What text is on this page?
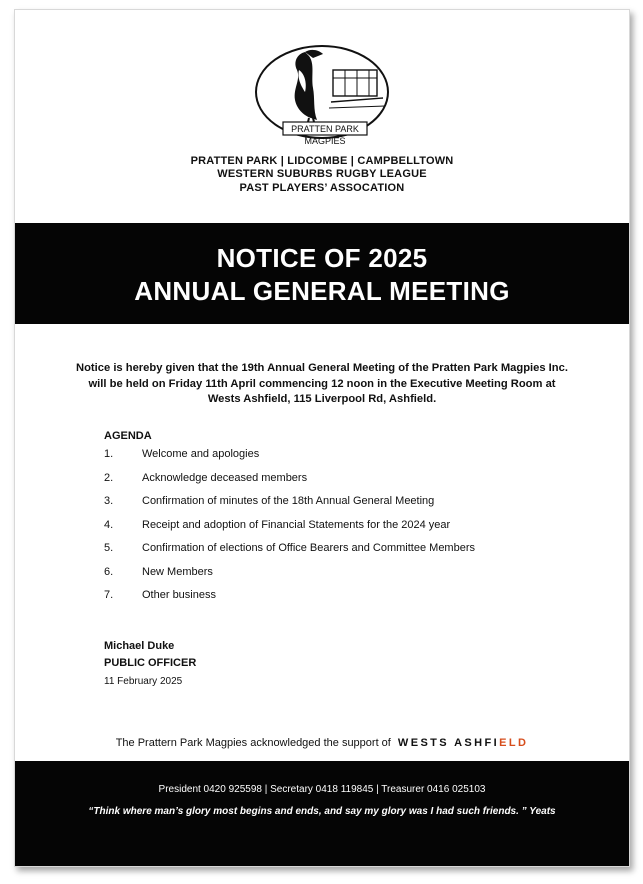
PRATTEN PARK
MAGPIES
PRATTEN PARK | LIDCOMBE | CAMPBELLTOWN
WESTERN SUBURBS RUGBY LEAGUE
PAST PLAYERS’ ASSOCATION
NOTICE OF 2025
ANNUAL GENERAL MEETING
Notice is hereby given that the 19th Annual General Meeting of the Pratten Park Magpies Inc.
will be held on Friday 11th April commencing 12 noon in the Executive Meeting Room at
Wests Ashfield, 115 Liverpool Rd, Ashfield.
AGENDA
1.	Welcome and apologies
2.	Acknowledge deceased members
3.	Confirmation of minutes of the 18th Annual General Meeting
4.	Receipt and adoption of Financial Statements for the 2024 year
5.	Confirmation of elections of Office Bearers and Committee Members
6.	New Members
7.	Other business
Michael Duke
PUBLIC OFFICER
11 February 2025
The Prattern Park Magpies acknowledged the support of WESTS ASHFIELD
President 0420 925598 | Secretary 0418 119845 | Treasurer 0416 025103
“Think where man’s glory most begins and ends, and say my glory was I had such friends. ” Yeats
